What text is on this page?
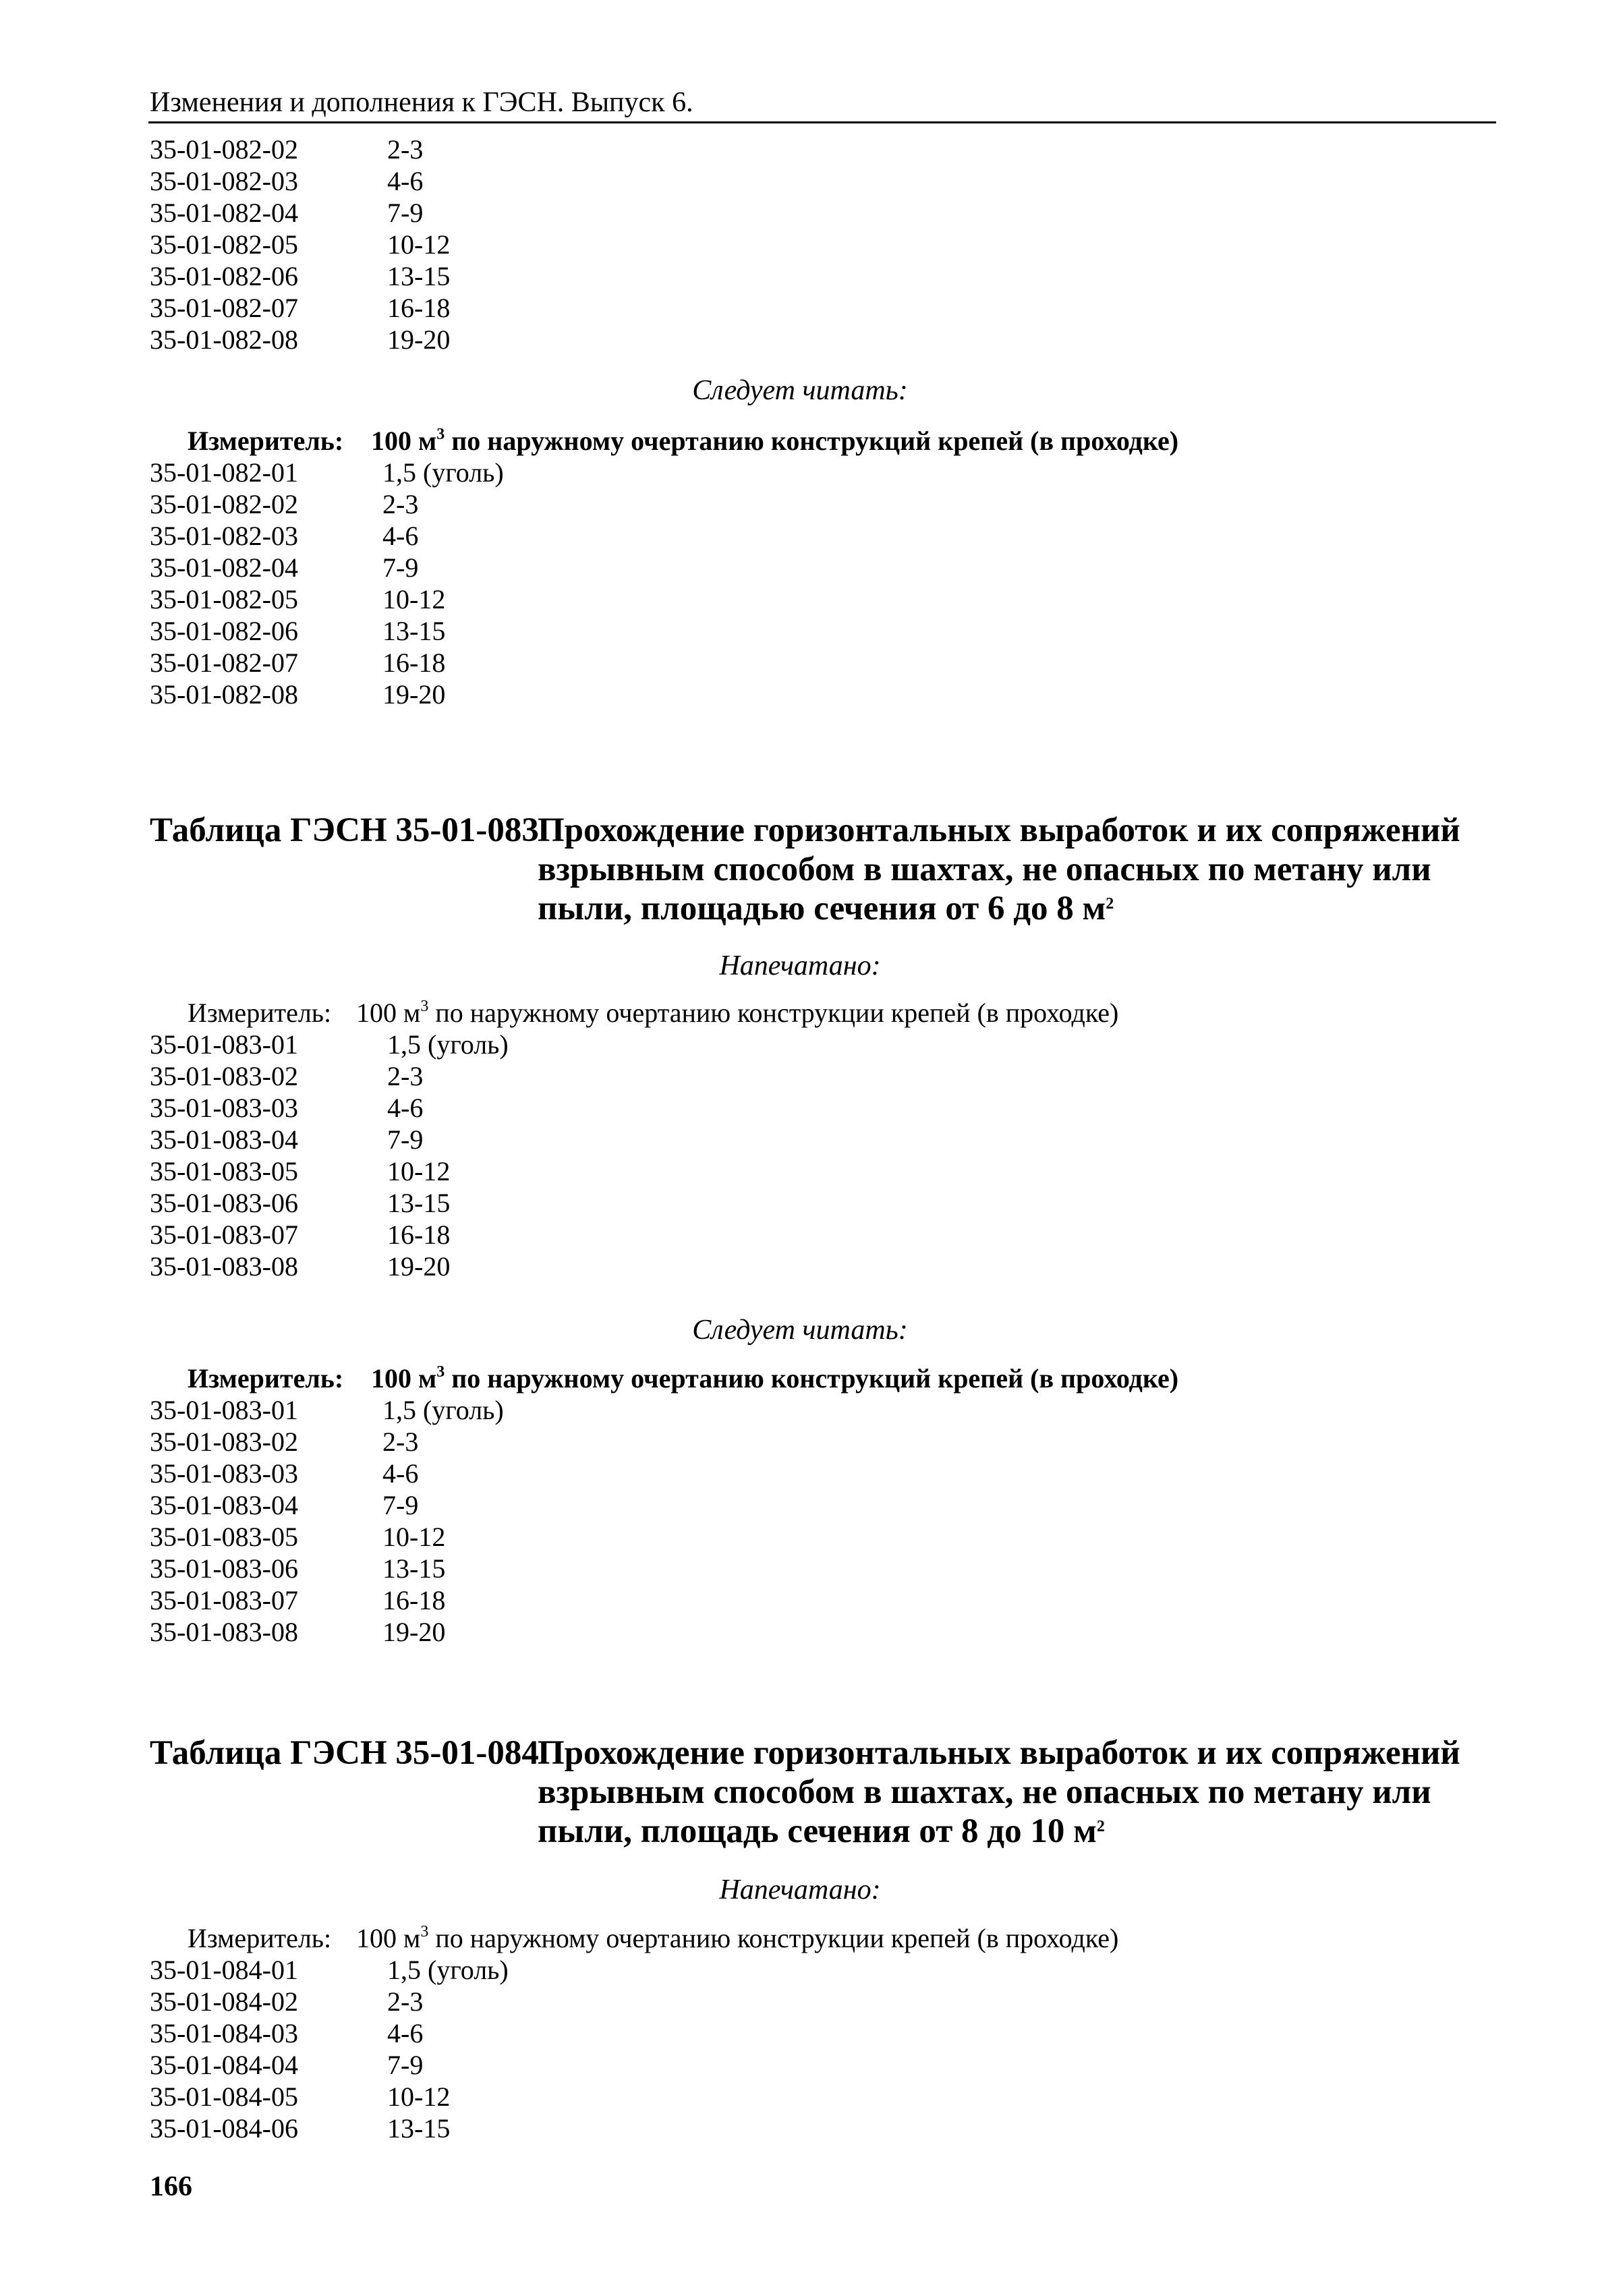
Изменения и дополнения к ГЭСН. Выпуск 6.
35-01-082-02	2-3
35-01-082-03	4-6
35-01-082-04	7-9
35-01-082-05	10-12
35-01-082-06	13-15
35-01-082-07	16-18
35-01-082-08	19-20
Следует читать:
Измеритель: 100 $м^3$ по наружному очертанию конструкций крепей (в проходке)
35-01-082-01	1,5 (уголь)
35-01-082-02	2-3
35-01-082-03	4-6
35-01-082-04	7-9
35-01-082-05	10-12
35-01-082-06	13-15
35-01-082-07	16-18
35-01-082-08	19-20
Таблица ГЭСН 35-01-083
Прохождение горизонтальных выработок и их сопряжений взрывным способом в шахтах, не опасных по метану или пыли, площадью сечения от 6 до 8 $м^2$
Напечатано:
Измеритель: 100 $м^3$ по наружному очертанию конструкции крепей (в проходке)
35-01-083-01	1,5 (уголь)
35-01-083-02	2-3
35-01-083-03	4-6
35-01-083-04	7-9
35-01-083-05	10-12
35-01-083-06	13-15
35-01-083-07	16-18
35-01-083-08	19-20
Следует читать:
Измеритель: 100 $м^3$ по наружному очертанию конструкций крепей (в проходке)
35-01-083-01	1,5 (уголь)
35-01-083-02	2-3
35-01-083-03	4-6
35-01-083-04	7-9
35-01-083-05	10-12
35-01-083-06	13-15
35-01-083-07	16-18
35-01-083-08	19-20
Таблица ГЭСН 35-01-084
Прохождение горизонтальных выработок и их сопряжений взрывным способом в шахтах, не опасных по метану или пыли, площадь сечения от 8 до 10 $м^2$
Напечатано:
Измеритель: 100 $м^3$ по наружному очертанию конструкции крепей (в проходке)
35-01-084-01	1,5 (уголь)
35-01-084-02	2-3
35-01-084-03	4-6
35-01-084-04	7-9
35-01-084-05	10-12
35-01-084-06	13-15
166
